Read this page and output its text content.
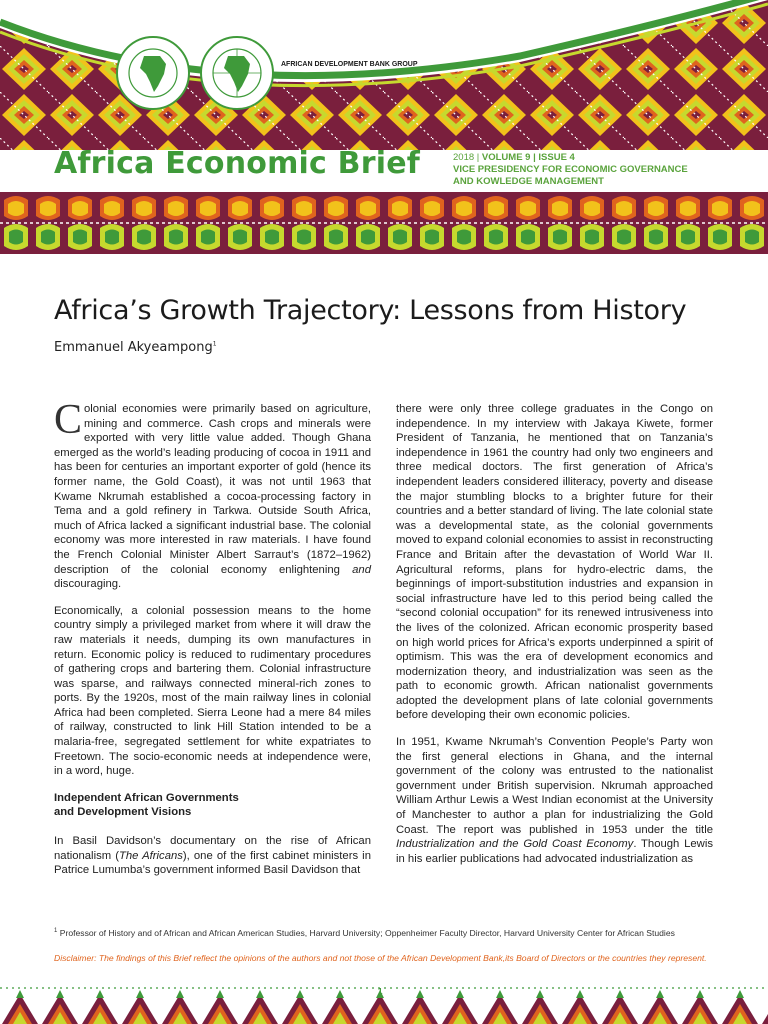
AFRICAN DEVELOPMENT BANK GROUP
Africa Economic Brief	2018 | VOLUME 9 | ISSUE 4
VICE PRESIDENCY FOR ECONOMIC GOVERNANCE
AND KOWLEDGE MANAGEMENT
Africa’s Growth Trajectory: Lessons from History
Emmanuel Akyeampong$^1$

Colonial economies were primarily based on agriculture, mining and commerce. Cash crops and minerals were exported with very little value added. Though Ghana emerged as the world’s leading producing of cocoa in 1911 and has been for centuries an important exporter of gold (hence its former name, the Gold Coast), it was not until 1963 that Kwame Nkrumah established a cocoa-processing factory in Tema and a gold refinery in Tarkwa. Outside South Africa, much of Africa lacked a significant industrial base. The colonial economy was more interested in raw materials. I have found the French Colonial Minister Albert Sarraut’s (1872–1962) description of the colonial economy enlightening and discouraging.

Economically, a colonial possession means to the home country simply a privileged market from where it will draw the raw materials it needs, dumping its own manufactures in return. Economic policy is reduced to rudimentary procedures of gathering crops and bartering them. Colonial infrastructure was sparse, and railways connected mineral-rich zones to ports. By the 1920s, most of the main railway lines in colonial Africa had been completed. Sierra Leone had a mere 84 miles of railway, constructed to link Hill Station intended to be a malaria-free, segregated settlement for white expatriates to Freetown. The socio-economic needs at independence were, in a word, huge.

Independent African Governments
and Development Visions

In Basil Davidson’s documentary on the rise of African nationalism (The Africans), one of the first cabinet ministers in Patrice Lumumba’s government informed Basil Davidson that

there were only three college graduates in the Congo on independence. In my interview with Jakaya Kiwete, former President of Tanzania, he mentioned that on Tanzania’s independence in 1961 the country had only two engineers and three medical doctors. The first generation of Africa’s independent leaders considered illiteracy, poverty and disease the major stumbling blocks to a brighter future for their countries and a better standard of living. The late colonial state was a developmental state, as the colonial governments moved to expand colonial economies to assist in reconstructing France and Britain after the devastation of World War II. Agricultural reforms, plans for hydro-electric dams, the beginnings of import-substitution industries and expansion in social infrastructure have led to this period being called the “second colonial occupation” for its renewed intrusiveness into the lives of the colonized. African economic prosperity based on high world prices for Africa’s exports underpinned a spirit of optimism. This was the era of development economics and modernization theory, and industrialization was seen as the path to economic growth. African nationalist governments adopted the development plans of late colonial governments before developing their own economic policies.

In 1951, Kwame Nkrumah’s Convention People’s Party won the first general elections in Ghana, and the internal government of the colony was entrusted to the nationalist government under British supervision. Nkrumah approached William Arthur Lewis a West Indian economist at the University of Manchester to author a plan for industrializing the Gold Coast. The report was published in 1953 under the title Industrialization and the Gold Coast Economy. Though Lewis in his earlier publications had advocated industrialization as

$^1$ Professor of History and of African and African American Studies, Harvard University; Oppenheimer Faculty Director, Harvard University Center for African Studies
Disclaimer: The findings of this Brief reflect the opinions of the authors and not those of the African Development Bank,its Board of Directors or the countries they represent.
1
